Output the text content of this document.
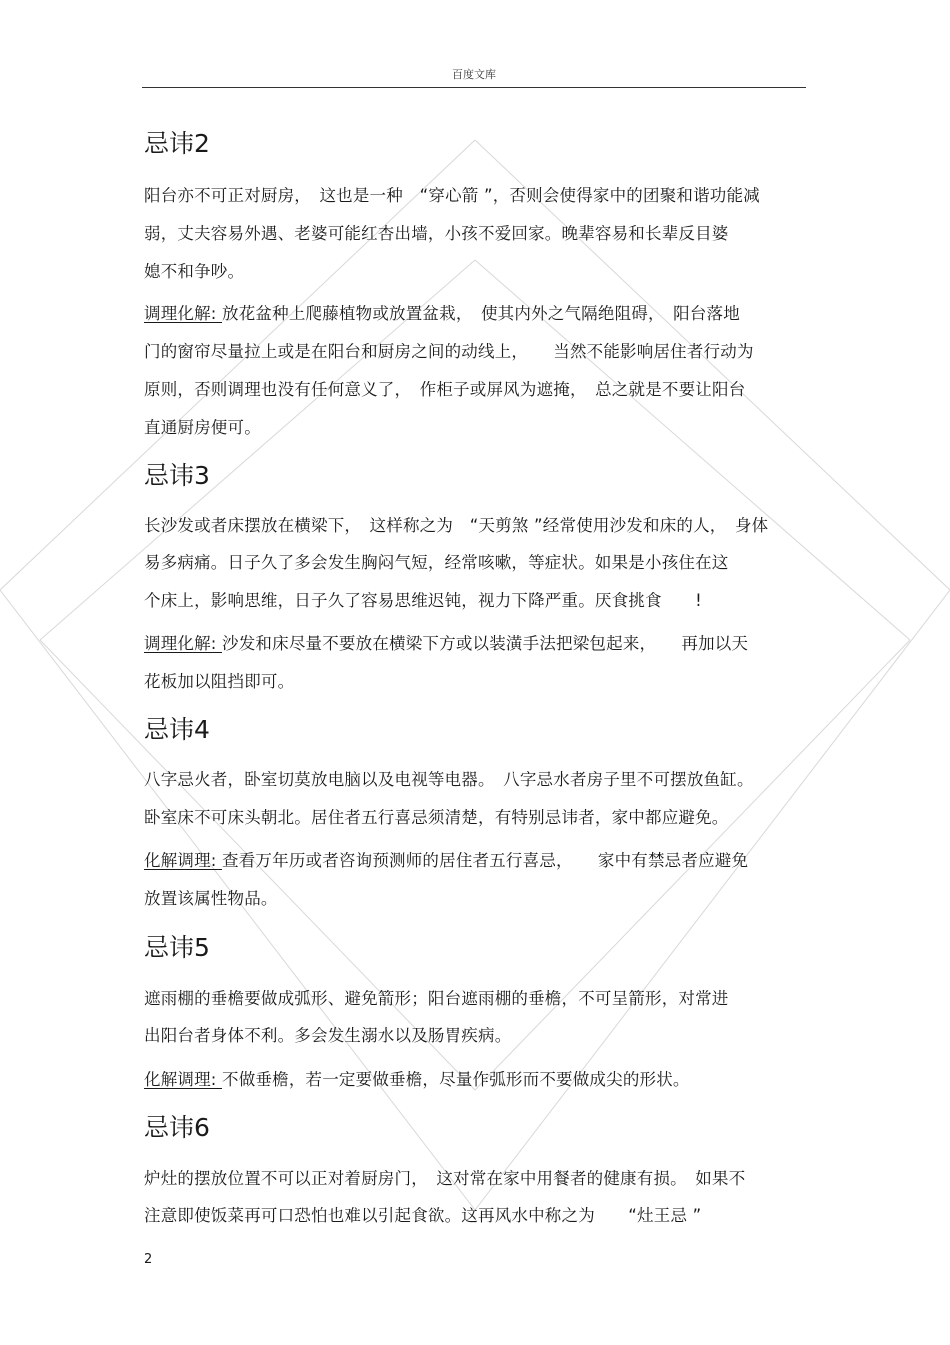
百度文库
忌讳2
阳台亦不可正对厨房，　这也是一种　“穿心箭 ”，否则会使得家中的团聚和谐功能减
弱，丈夫容易外遇、老婆可能红杏出墙，小孩不爱回家。晚辈容易和长辈反目婆
媳不和争吵。
调理化解: 放花盆种上爬藤植物或放置盆栽，　使其内外之气隔绝阻碍，　阳台落地
门的窗帘尽量拉上或是在阳台和厨房之间的动线上，　　当然不能影响居住者行动为
原则，否则调理也没有任何意义了，　作柜子或屏风为遮掩，　总之就是不要让阳台
直通厨房便可。
忌讳3
长沙发或者床摆放在横梁下，　这样称之为　“天剪煞 ”经常使用沙发和床的人，　身体
易多病痛。日子久了多会发生胸闷气短，经常咳嗽，等症状。如果是小孩住在这
个床上，影响思维，日子久了容易思维迟钝，视力下降严重。厌食挑食　　!
调理化解: 沙发和床尽量不要放在横梁下方或以装潢手法把梁包起来，　　再加以天
花板加以阻挡即可。
忌讳4
八字忌火者，卧室切莫放电脑以及电视等电器。　八字忌水者房子里不可摆放鱼缸。
卧室床不可床头朝北。居住者五行喜忌须清楚，有特别忌讳者，家中都应避免。
化解调理: 查看万年历或者咨询预测师的居住者五行喜忌，　　家中有禁忌者应避免
放置该属性物品。
忌讳5
遮雨棚的垂檐要做成弧形、避免箭形；阳台遮雨棚的垂檐，不可呈箭形，对常进
出阳台者身体不利。多会发生溺水以及肠胃疾病。
化解调理: 不做垂檐，若一定要做垂檐，尽量作弧形而不要做成尖的形状。
忌讳6
炉灶的摆放位置不可以正对着厨房门，　这对常在家中用餐者的健康有损。　如果不
注意即使饭菜再可口恐怕也难以引起食欲。这再风水中称之为　　“灶王忌 ”
2
